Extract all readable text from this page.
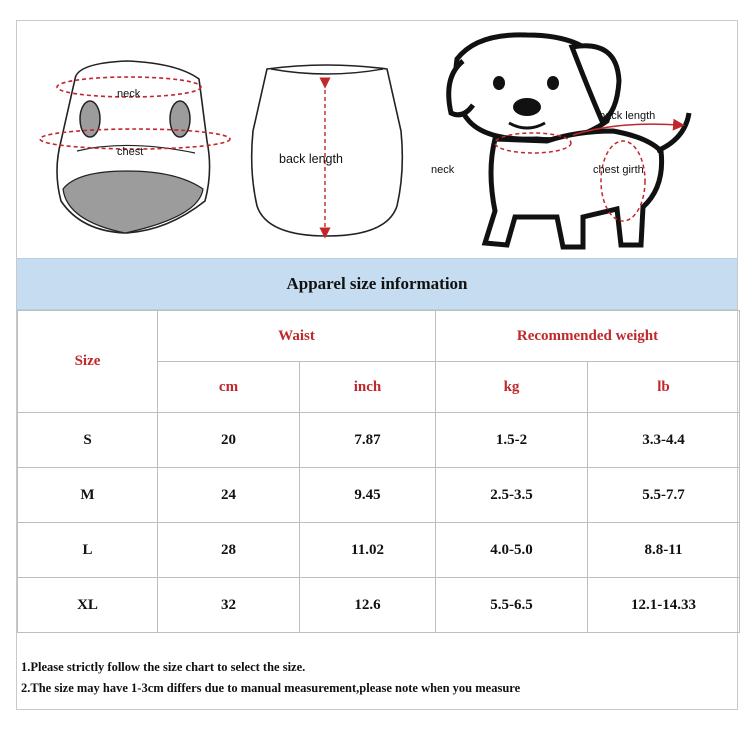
neck
chest	back length
back length
neck	chest girth
Apparel size information
Size	Waist		Recommended weight	
	cm	inch	kg	lb
S	20	7.87	1.5-2	3.3-4.4
M	24	9.45	2.5-3.5	5.5-7.7
L	28	11.02	4.0-5.0	8.8-11
XL	32	12.6	5.5-6.5	12.1-14.33
1.Please strictly follow the size chart to select the size.
2.The size may have 1-3cm differs due to manual measurement,please note when you measure
